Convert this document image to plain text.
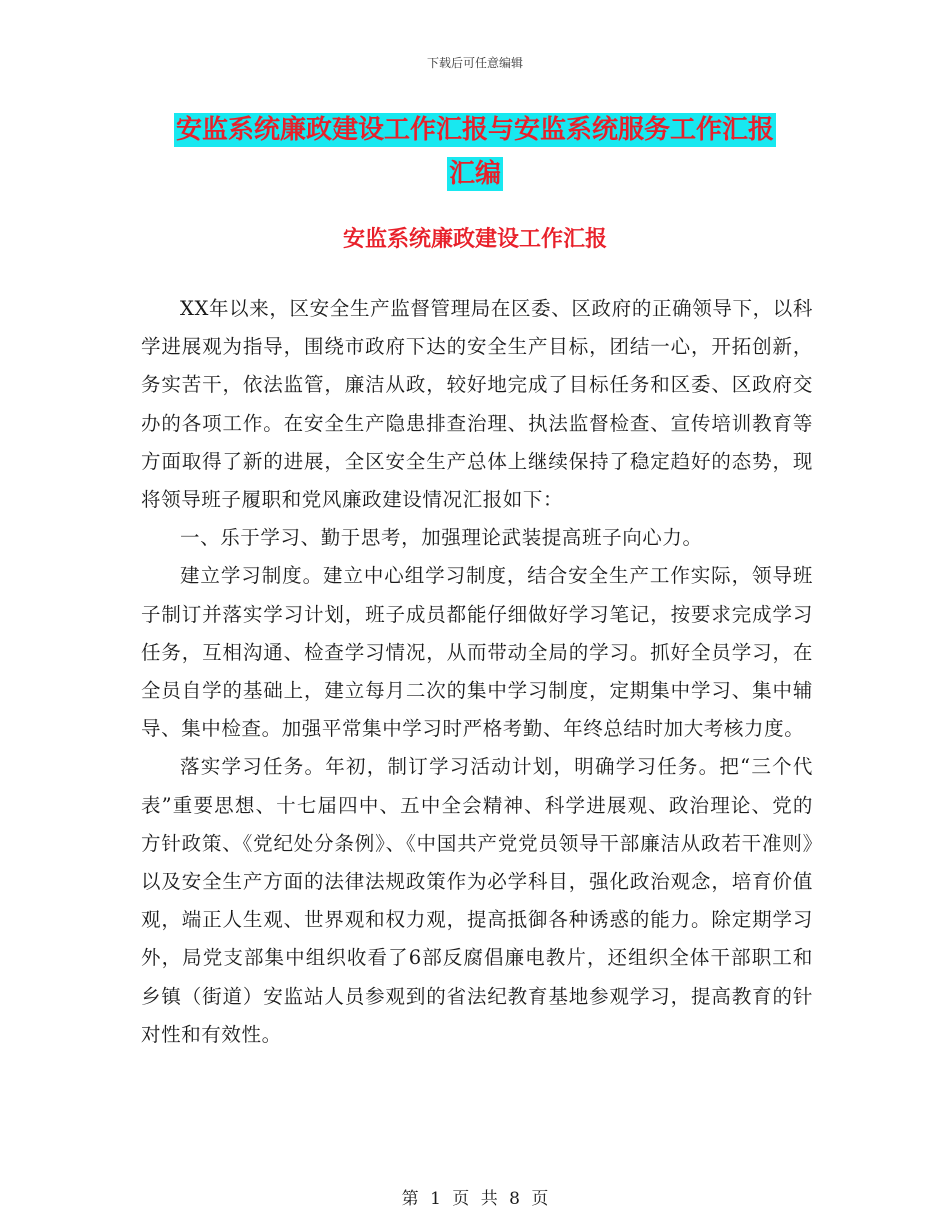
下载后可任意编辑
安监系统廉政建设工作汇报与安监系统服务工作汇报
汇编
安监系统廉政建设工作汇报

XX年以来，区安全生产监督管理局在区委、区政府的正确领导下，以科学进展观为指导，围绕市政府下达的安全生产目标，团结一心，开拓创新，务实苦干，依法监管，廉洁从政，较好地完成了目标任务和区委、区政府交办的各项工作。在安全生产隐患排查治理、执法监督检查、宣传培训教育等方面取得了新的进展，全区安全生产总体上继续保持了稳定趋好的态势，现将领导班子履职和党风廉政建设情况汇报如下：

一、乐于学习、勤于思考，加强理论武装提高班子向心力。

建立学习制度。建立中心组学习制度，结合安全生产工作实际，领导班子制订并落实学习计划，班子成员都能仔细做好学习笔记，按要求完成学习任务，互相沟通、检查学习情况，从而带动全局的学习。抓好全员学习，在全员自学的基础上，建立每月二次的集中学习制度，定期集中学习、集中辅导、集中检查。加强平常集中学习时严格考勤、年终总结时加大考核力度。

落实学习任务。年初，制订学习活动计划，明确学习任务。把“三个代表”重要思想、十七届四中、五中全会精神、科学进展观、政治理论、党的方针政策、《党纪处分条例》、《中国共产党党员领导干部廉洁从政若干准则》以及安全生产方面的法律法规政策作为必学科目，强化政治观念，培育价值观，端正人生观、世界观和权力观，提高抵御各种诱惑的能力。除定期学习外，局党支部集中组织收看了6部反腐倡廉电教片，还组织全体干部职工和乡镇（街道）安监站人员参观到的省法纪教育基地参观学习，提高教育的针对性和有效性。

第 1 页 共 8 页
